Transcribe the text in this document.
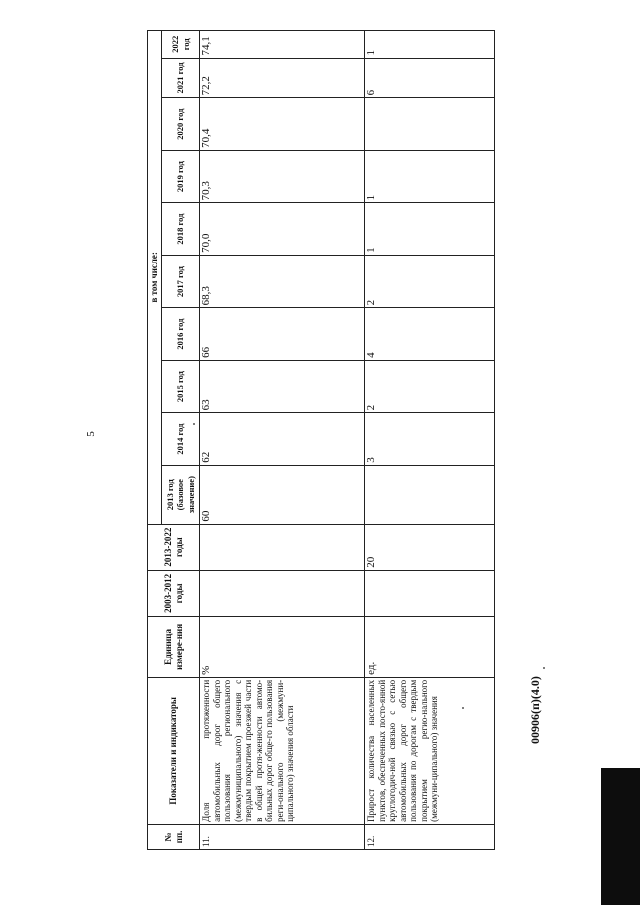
5
№ пп.	Показатели и индикаторы	Единица измере-ния	2003-2012 годы	2013-2022 годы	в том числе:									
					2013 год (базовое значение)	2014 год	2015 год	2016 год	2017 год	2018 год	2019 год	2020 год	2021 год	2022 год
11.	Доля протяженности автомобильных дорог общего пользования регионального (межмуниципального) значения с твердым покрытием проезжей части в общей протя-женности автомо-бильных дорог обще-го пользования реги-онального (межмуни-ципального) значения области	%			60	62	63	66	68,3	70,0	70,3	70,4	72,2	74,1
12.	Прирост количества населенных пунктов, обеспеченных посто-янной круглогодич-ной связью с сетью автомобильных дорог общего пользования по дорогам с твердым покрытием регио-нального (межмуни-ципального) значения	ед.		20		3	2	4	2	1	1		6	1
00906(п)(4.0)
